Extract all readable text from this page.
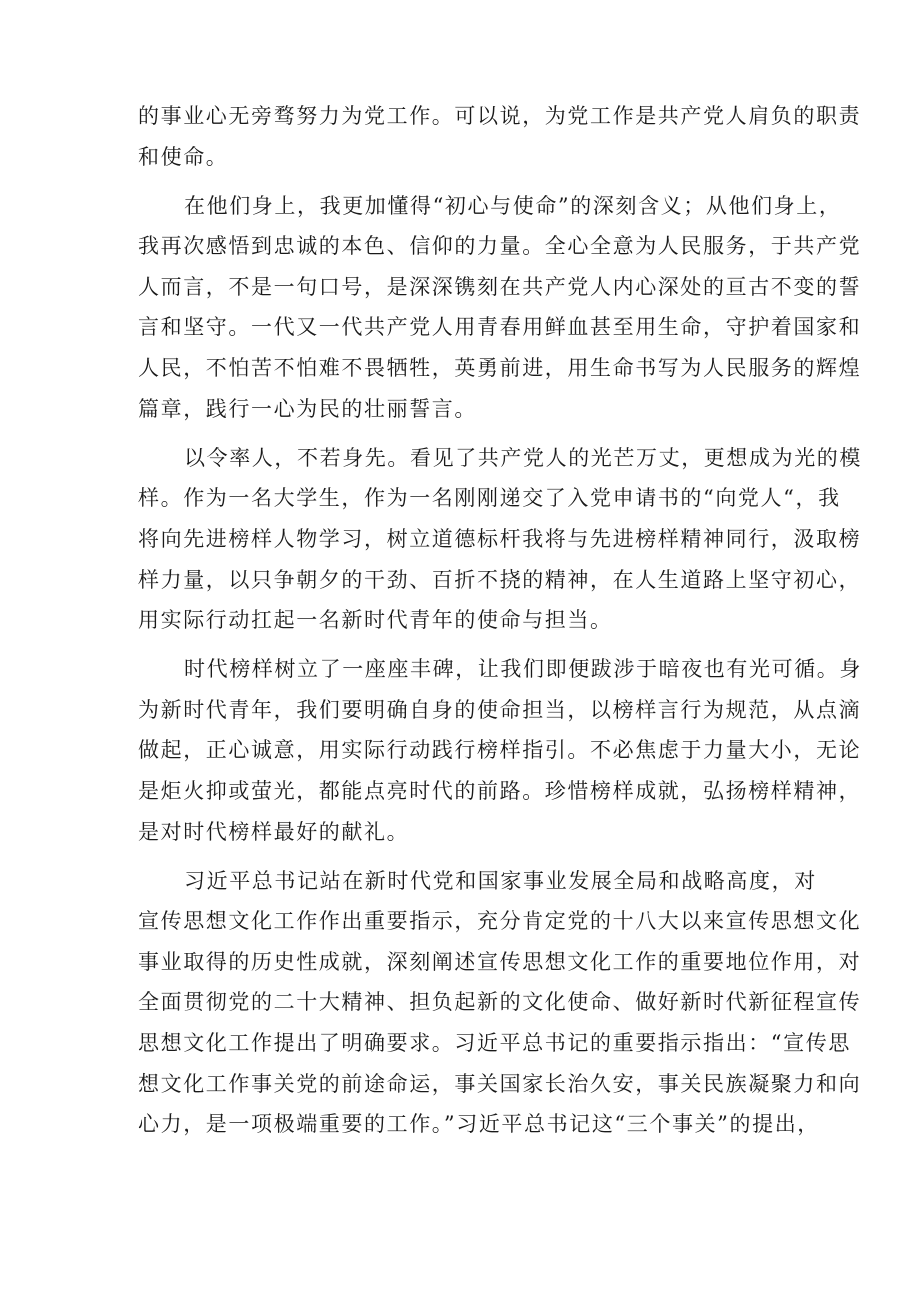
的事业心无旁骛努力为党工作。可以说，为党工作是共产党人肩负的职责
和使命。
在他们身上，我更加懂得“初心与使命”的深刻含义；从他们身上，
我再次感悟到忠诚的本色、信仰的力量。全心全意为人民服务，于共产党
人而言，不是一句口号，是深深镌刻在共产党人内心深处的亘古不变的誓
言和坚守。一代又一代共产党人用青春用鲜血甚至用生命，守护着国家和
人民，不怕苦不怕难不畏牺牲，英勇前进，用生命书写为人民服务的辉煌
篇章，践行一心为民的壮丽誓言。
以令率人，不若身先。看见了共产党人的光芒万丈，更想成为光的模
样。作为一名大学生，作为一名刚刚递交了入党申请书的“向党人“，我
将向先进榜样人物学习，树立道德标杆我将与先进榜样精神同行，汲取榜
样力量，以只争朝夕的干劲、百折不挠的精神，在人生道路上坚守初心，
用实际行动扛起一名新时代青年的使命与担当。
时代榜样树立了一座座丰碑，让我们即便跋涉于暗夜也有光可循。身
为新时代青年，我们要明确自身的使命担当，以榜样言行为规范，从点滴
做起，正心诚意，用实际行动践行榜样指引。不必焦虑于力量大小，无论
是炬火抑或萤光，都能点亮时代的前路。珍惜榜样成就，弘扬榜样精神，
是对时代榜样最好的献礼。
习近平总书记站在新时代党和国家事业发展全局和战略高度，对
宣传思想文化工作作出重要指示，充分肯定党的十八大以来宣传思想文化
事业取得的历史性成就，深刻阐述宣传思想文化工作的重要地位作用，对
全面贯彻党的二十大精神、担负起新的文化使命、做好新时代新征程宣传
思想文化工作提出了明确要求。习近平总书记的重要指示指出：“宣传思
想文化工作事关党的前途命运，事关国家长治久安，事关民族凝聚力和向
心力，是一项极端重要的工作。”习近平总书记这“三个事关”的提出，
